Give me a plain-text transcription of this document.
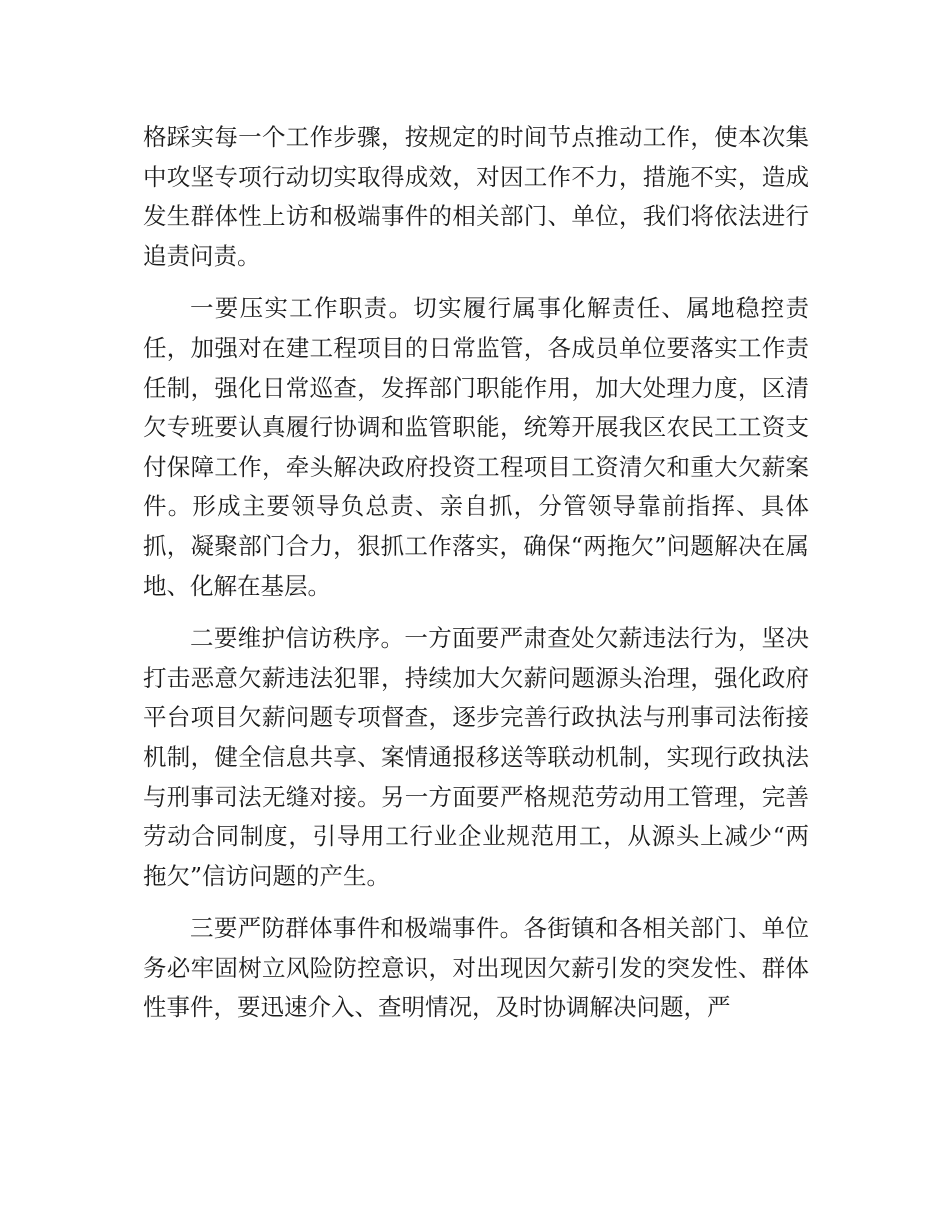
格踩实每一个工作步骤，按规定的时间节点推动工作，使本次集中攻坚专项行动切实取得成效，对因工作不力，措施不实，造成发生群体性上访和极端事件的相关部门、单位，我们将依法进行追责问责。

一要压实工作职责。切实履行属事化解责任、属地稳控责任，加强对在建工程项目的日常监管，各成员单位要落实工作责任制，强化日常巡查，发挥部门职能作用，加大处理力度，区清欠专班要认真履行协调和监管职能，统筹开展我区农民工工资支付保障工作，牵头解决政府投资工程项目工资清欠和重大欠薪案件。形成主要领导负总责、亲自抓，分管领导靠前指挥、具体抓，凝聚部门合力，狠抓工作落实，确保“两拖欠”问题解决在属地、化解在基层。

二要维护信访秩序。一方面要严肃查处欠薪违法行为，坚决打击恶意欠薪违法犯罪，持续加大欠薪问题源头治理，强化政府平台项目欠薪问题专项督查，逐步完善行政执法与刑事司法衔接机制，健全信息共享、案情通报移送等联动机制，实现行政执法与刑事司法无缝对接。另一方面要严格规范劳动用工管理，完善劳动合同制度，引导用工行业企业规范用工，从源头上减少“两拖欠”信访问题的产生。

三要严防群体事件和极端事件。各街镇和各相关部门、单位务必牢固树立风险防控意识，对出现因欠薪引发的突发性、群体性事件，要迅速介入、查明情况，及时协调解决问题，严
